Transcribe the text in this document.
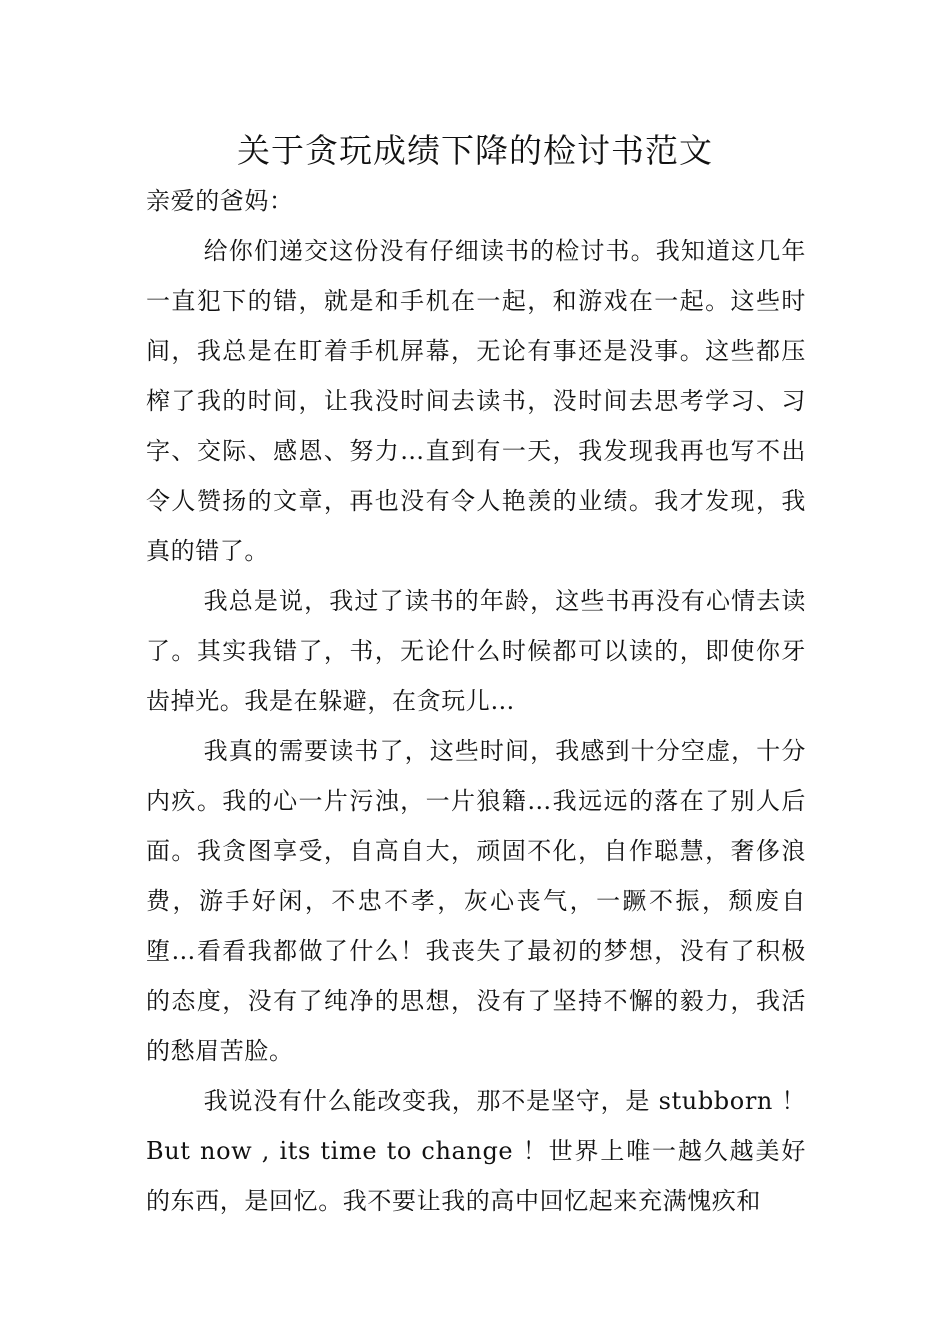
关于贪玩成绩下降的检讨书范文

亲爱的爸妈：

给你们递交这份没有仔细读书的检讨书。我知道这几年一直犯下的错，就是和手机在一起，和游戏在一起。这些时间，我总是在盯着手机屏幕，无论有事还是没事。这些都压榨了我的时间，让我没时间去读书，没时间去思考学习、习字、交际、感恩、努力…直到有一天，我发现我再也写不出令人赞扬的文章，再也没有令人艳羡的业绩。我才发现，我真的错了。

我总是说，我过了读书的年龄，这些书再没有心情去读了。其实我错了，书，无论什么时候都可以读的，即使你牙齿掉光。我是在躲避，在贪玩儿…

我真的需要读书了，这些时间，我感到十分空虚，十分内疚。我的心一片污浊，一片狼籍…我远远的落在了别人后面。我贪图享受，自高自大，顽固不化，自作聪慧，奢侈浪费，游手好闲，不忠不孝，灰心丧气，一蹶不振，颓废自堕…看看我都做了什么！我丧失了最初的梦想，没有了积极的态度，没有了纯净的思想，没有了坚持不懈的毅力，我活的愁眉苦脸。

我说没有什么能改变我，那不是坚守，是 stubborn ！ But now , its time to change ！世界上唯一越久越美好的东西，是回忆。我不要让我的高中回忆起来充满愧疚和
